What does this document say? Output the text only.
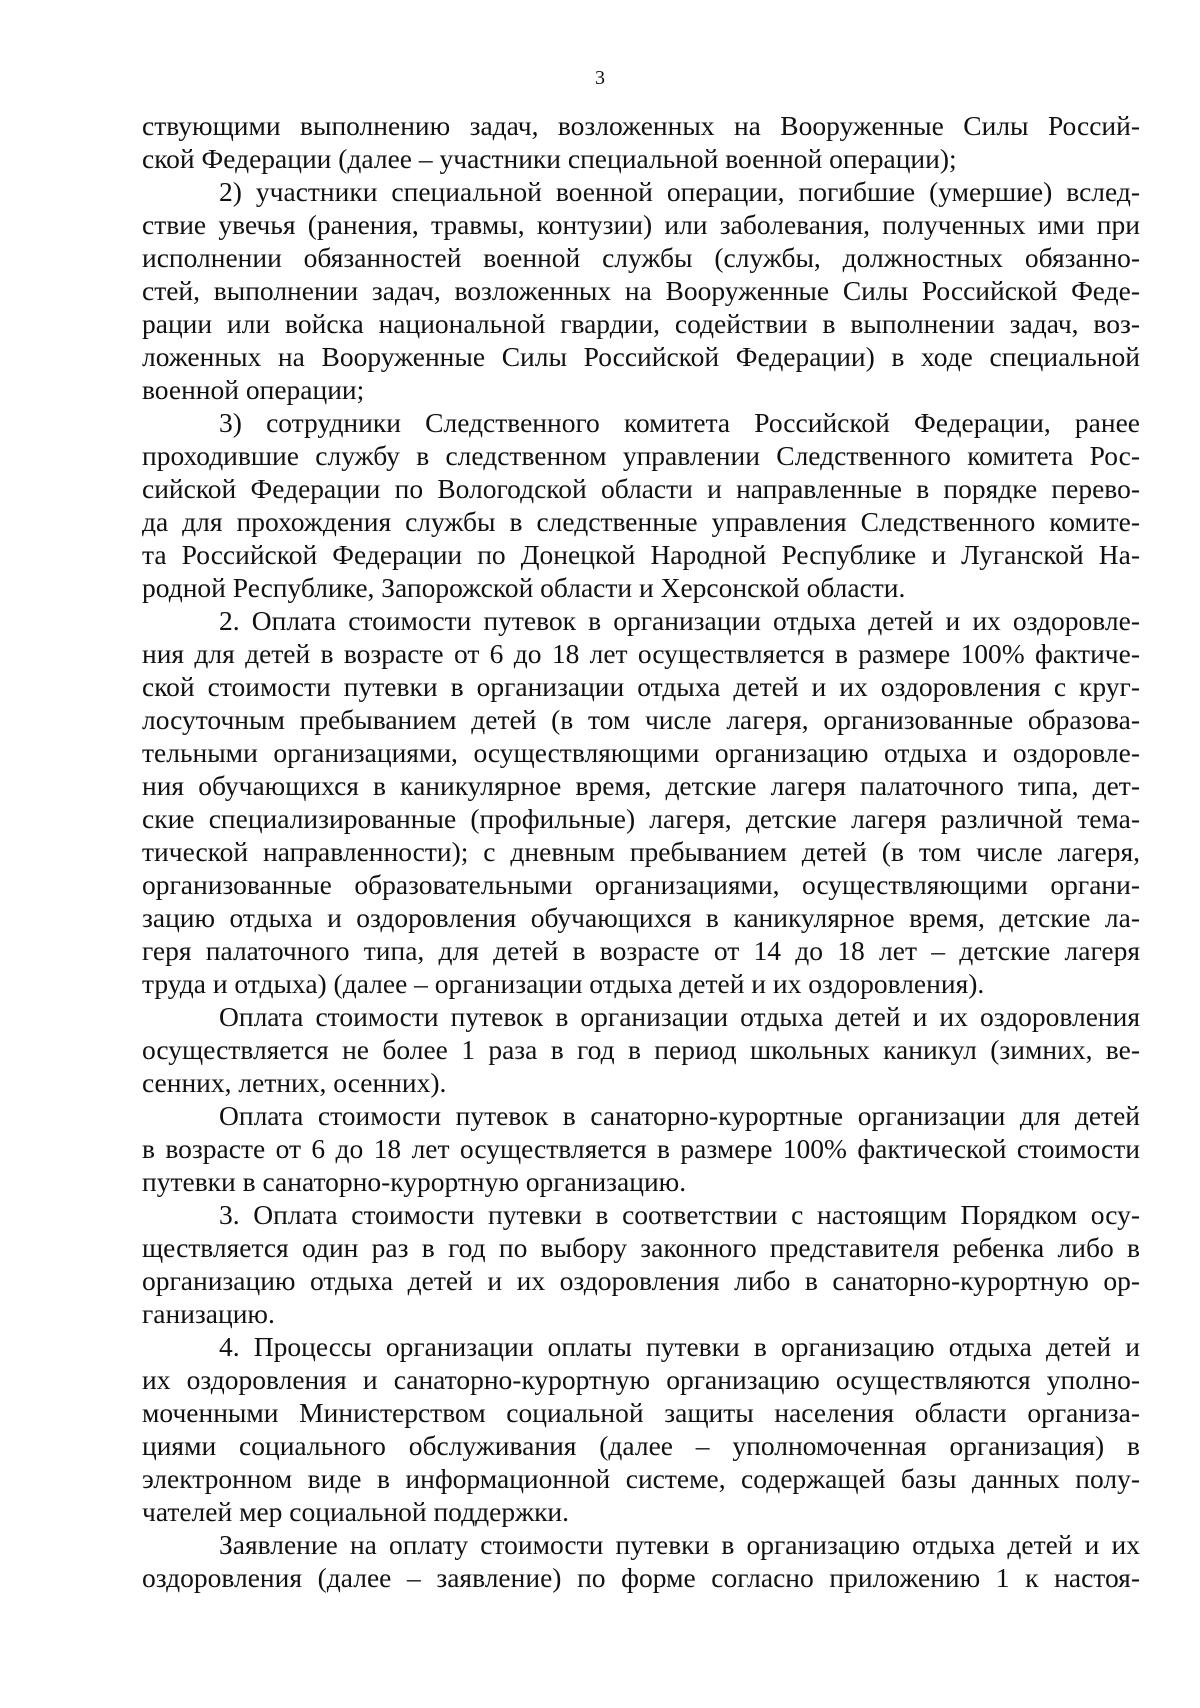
3
ствующими выполнению задач, возложенных на Вооруженные Силы Россий-
ской Федерации (далее – участники специальной военной операции);
2) участники специальной военной операции, погибшие (умершие) вслед-
ствие увечья (ранения, травмы, контузии) или заболевания, полученных ими при
исполнении обязанностей военной службы (службы, должностных обязанно-
стей, выполнении задач, возложенных на Вооруженные Силы Российской Феде-
рации или войска национальной гвардии, содействии в выполнении задач, воз-
ложенных на Вооруженные Силы Российской Федерации) в ходе специальной
военной операции;
3) сотрудники Следственного комитета Российской Федерации, ранее
проходившие службу в следственном управлении Следственного комитета Рос-
сийской Федерации по Вологодской области и направленные в порядке перево-
да для прохождения службы в следственные управления Следственного комите-
та Российской Федерации по Донецкой Народной Республике и Луганской На-
родной Республике, Запорожской области и Херсонской области.
2. Оплата стоимости путевок в организации отдыха детей и их оздоровле-
ния для детей в возрасте от 6 до 18 лет осуществляется в размере 100% фактиче-
ской стоимости путевки в организации отдыха детей и их оздоровления с круг-
лосуточным пребыванием детей (в том числе лагеря, организованные образова-
тельными организациями, осуществляющими организацию отдыха и оздоровле-
ния обучающихся в каникулярное время, детские лагеря палаточного типа, дет-
ские специализированные (профильные) лагеря, детские лагеря различной тема-
тической направленности); с дневным пребыванием детей (в том числе лагеря,
организованные образовательными организациями, осуществляющими органи-
зацию отдыха и оздоровления обучающихся в каникулярное время, детские ла-
геря палаточного типа, для детей в возрасте от 14 до 18 лет – детские лагеря
труда и отдыха) (далее – организации отдыха детей и их оздоровления).
Оплата стоимости путевок в организации отдыха детей и их оздоровления
осуществляется не более 1 раза в год в период школьных каникул (зимних, ве-
сенних, летних, осенних).
Оплата стоимости путевок в санаторно-курортные организации для детей
в возрасте от 6 до 18 лет осуществляется в размере 100% фактической стоимости
путевки в санаторно-курортную организацию.
3. Оплата стоимости путевки в соответствии с настоящим Порядком осу-
ществляется один раз в год по выбору законного представителя ребенка либо в
организацию отдыха детей и их оздоровления либо в санаторно-курортную ор-
ганизацию.
4. Процессы организации оплаты путевки в организацию отдыха детей и
их оздоровления и санаторно-курортную организацию осуществляются уполно-
моченными Министерством социальной защиты населения области организа-
циями социального обслуживания (далее – уполномоченная организация) в
электронном виде в информационной системе, содержащей базы данных полу-
чателей мер социальной поддержки.
Заявление на оплату стоимости путевки в организацию отдыха детей и их
оздоровления (далее – заявление) по форме согласно приложению 1 к настоя-
